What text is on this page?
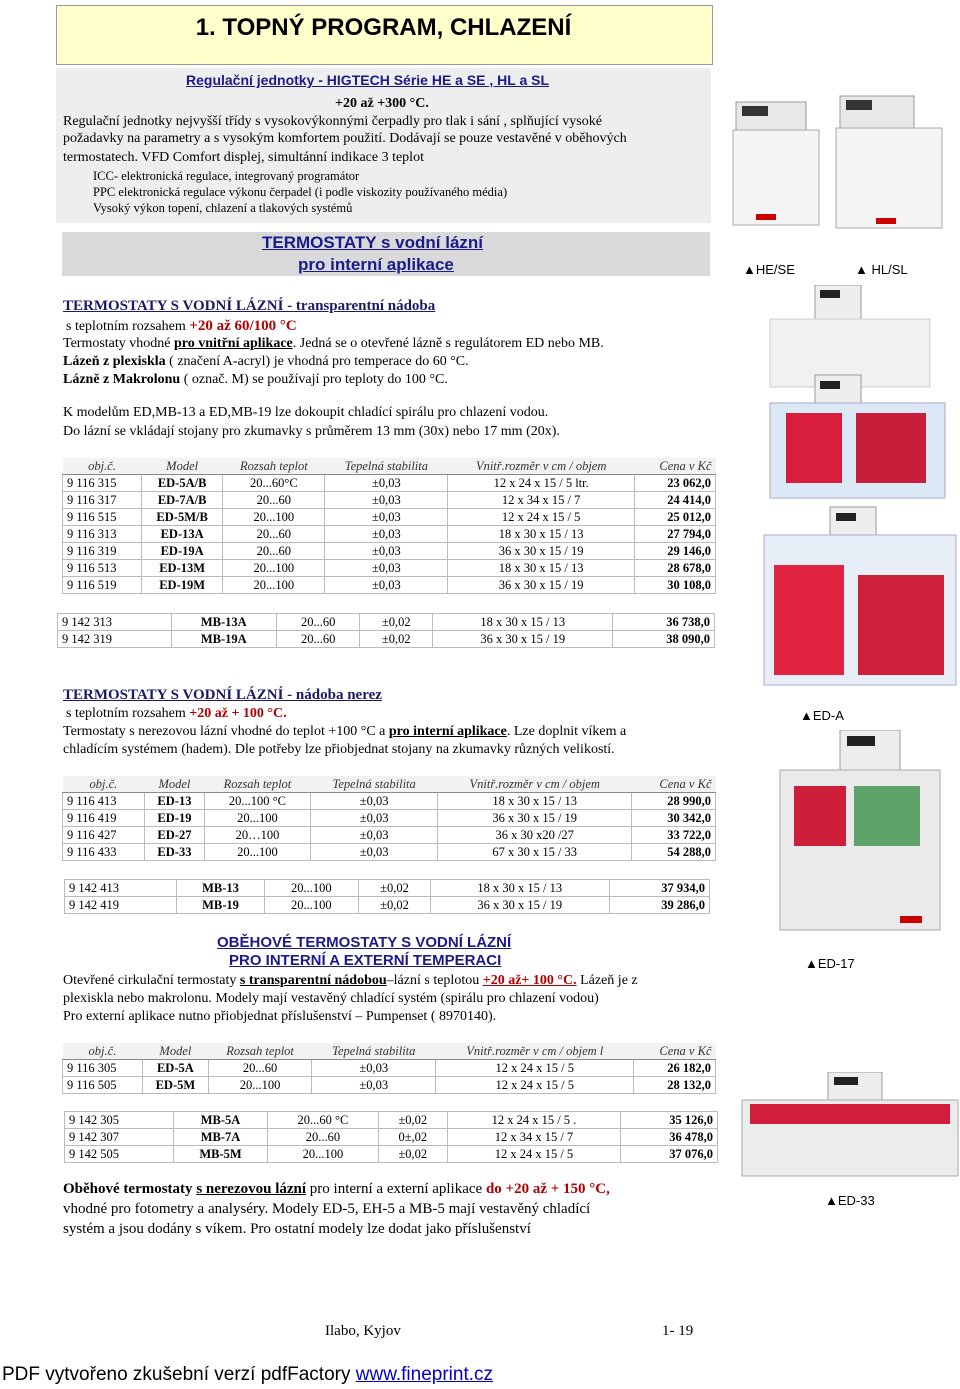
1. TOPNÝ PROGRAM, CHLAZENÍ
Regulační jednotky - HIGTECH Série HE a SE , HL a SL
+20 až +300 °C.
Regulační jednotky nejvyšší třídy s vysokovýkonnými čerpadly pro tlak i sání , splňující vysoké
požadavky na parametry a s vysokým komfortem použití. Dodávají se pouze vestavěné v oběhových
termostatech. VFD Comfort displej, simultánní indikace 3 teplot
ICC- elektronická regulace, integrovaný programátor
PPC elektronická regulace výkonu čerpadel (i podle viskozity používaného média)
Vysoký výkon topení, chlazení a tlakových systémů
TERMOSTATY s vodní lázní
pro interní aplikace
TERMOSTATY S VODNÍ LÁZNÍ - transparentní nádoba
s teplotním rozsahem +20 až 60/100 °C
Termostaty vhodné pro vnitřní aplikace. Jedná se o otevřené lázně s regulátorem ED nebo MB.
Lázeň z plexiskla ( značení A-acryl) je vhodná pro temperace do 60 °C.
Lázně z Makrolonu ( označ. M) se používají pro teploty do 100 °C.
K modelům ED,MB-13 a ED,MB-19 lze dokoupit chladící spirálu pro chlazení vodou.
Do lázní se vkládají stojany pro zkumavky s průměrem 13 mm (30x) nebo 17 mm (20x).
obj.č.	Model	Rozsah teplot	Tepelná stabilita	Vnitř.rozměr v cm / objem	Cena v Kč
9 116 315	ED-5A/B	20...60°C	±0,03	12 x 24 x 15 / 5 ltr.	23 062,0
9 116 317	ED-7A/B	20...60	±0,03	12 x 34 x 15 / 7	24 414,0
9 116 515	ED-5M/B	20...100	±0,03	12 x 24 x 15 / 5	25 012,0
9 116 313	ED-13A	20...60	±0,03	18 x 30 x 15 / 13	27 794,0
9 116 319	ED-19A	20...60	±0,03	36 x 30 x 15 / 19	29 146,0
9 116 513	ED-13M	20...100	±0,03	18 x 30 x 15 / 13	28 678,0
9 116 519	ED-19M	20...100	±0,03	36 x 30 x 15 / 19	30 108,0
9 142 313	MB-13A	20...60	±0,02	18 x 30 x 15 / 13	36 738,0
9 142 319	MB-19A	20...60	±0,02	36 x 30 x 15 / 19	38 090,0
TERMOSTATY S VODNÍ LÁZNÍ - nádoba nerez
s teplotním rozsahem +20 až + 100 °C.
Termostaty s nerezovou lázní vhodné do teplot +100 °C a pro interní aplikace. Lze doplnit víkem a
chladícím systémem (hadem). Dle potřeby lze přiobjednat stojany na zkumavky různých velikostí.
obj.č.	Model	Rozsah teplot	Tepelná stabilita	Vnitř.rozměr v cm / objem	Cena v Kč
9 116 413	ED-13	20...100 °C	±0,03	18 x 30 x 15 / 13	28 990,0
9 116 419	ED-19	20...100	±0,03	36 x 30 x 15 / 19	30 342,0
9 116 427	ED-27	20…100	±0,03	36 x 30 x20 /27	33 722,0
9 116 433	ED-33	20...100	±0,03	67 x 30 x 15 / 33	54 288,0
9 142 413	MB-13	20...100	±0,02	18 x 30 x 15 / 13	37 934,0
9 142 419	MB-19	20...100	±0,02	36 x 30 x 15 / 19	39 286,0
OBĚHOVÉ TERMOSTATY S VODNÍ LÁZNÍ
PRO INTERNÍ A EXTERNÍ TEMPERACI
Otevřené cirkulační termostaty s transparentní nádobou–lázní s teplotou +20 až+ 100 °C. Lázeň je z
plexiskla nebo makrolonu. Modely mají vestavěný chladící systém (spirálu pro chlazení vodou)
Pro externí aplikace nutno přiobjednat příslušenství – Pumpenset ( 8970140).
obj.č.	Model	Rozsah teplot	Tepelná stabilita	Vnitř.rozměr v cm / objem l	Cena v Kč
9 116 305	ED-5A	20...60	±0,03	12 x 24 x 15 / 5	26 182,0
9 116 505	ED-5M	20...100	±0,03	12 x 24 x 15 / 5	28 132,0
9 142 305	MB-5A	20...60 °C	±0,02	12 x 24 x 15 / 5 .	35 126,0
9 142 307	MB-7A	20...60	0±,02	12 x 34 x 15 / 7	36 478,0
9 142 505	MB-5M	20...100	±0,02	12 x 24 x 15 / 5	37 076,0
Oběhové termostaty s nerezovou lázní pro interní a externí aplikace do +20 až + 150 °C,
vhodné pro fotometry a analyséry. Modely ED-5, EH-5 a MB-5 mají vestavěný chladící
systém a jsou dodány s víkem. Pro ostatní modely lze dodat jako příslušenství
▲HE/SE	▲ HL/SL
▲ED-A
▲ED-17
▲ED-33
Ilabo, Kyjov	1- 19
PDF vytvořeno zkušební verzí pdfFactory www.fineprint.cz
